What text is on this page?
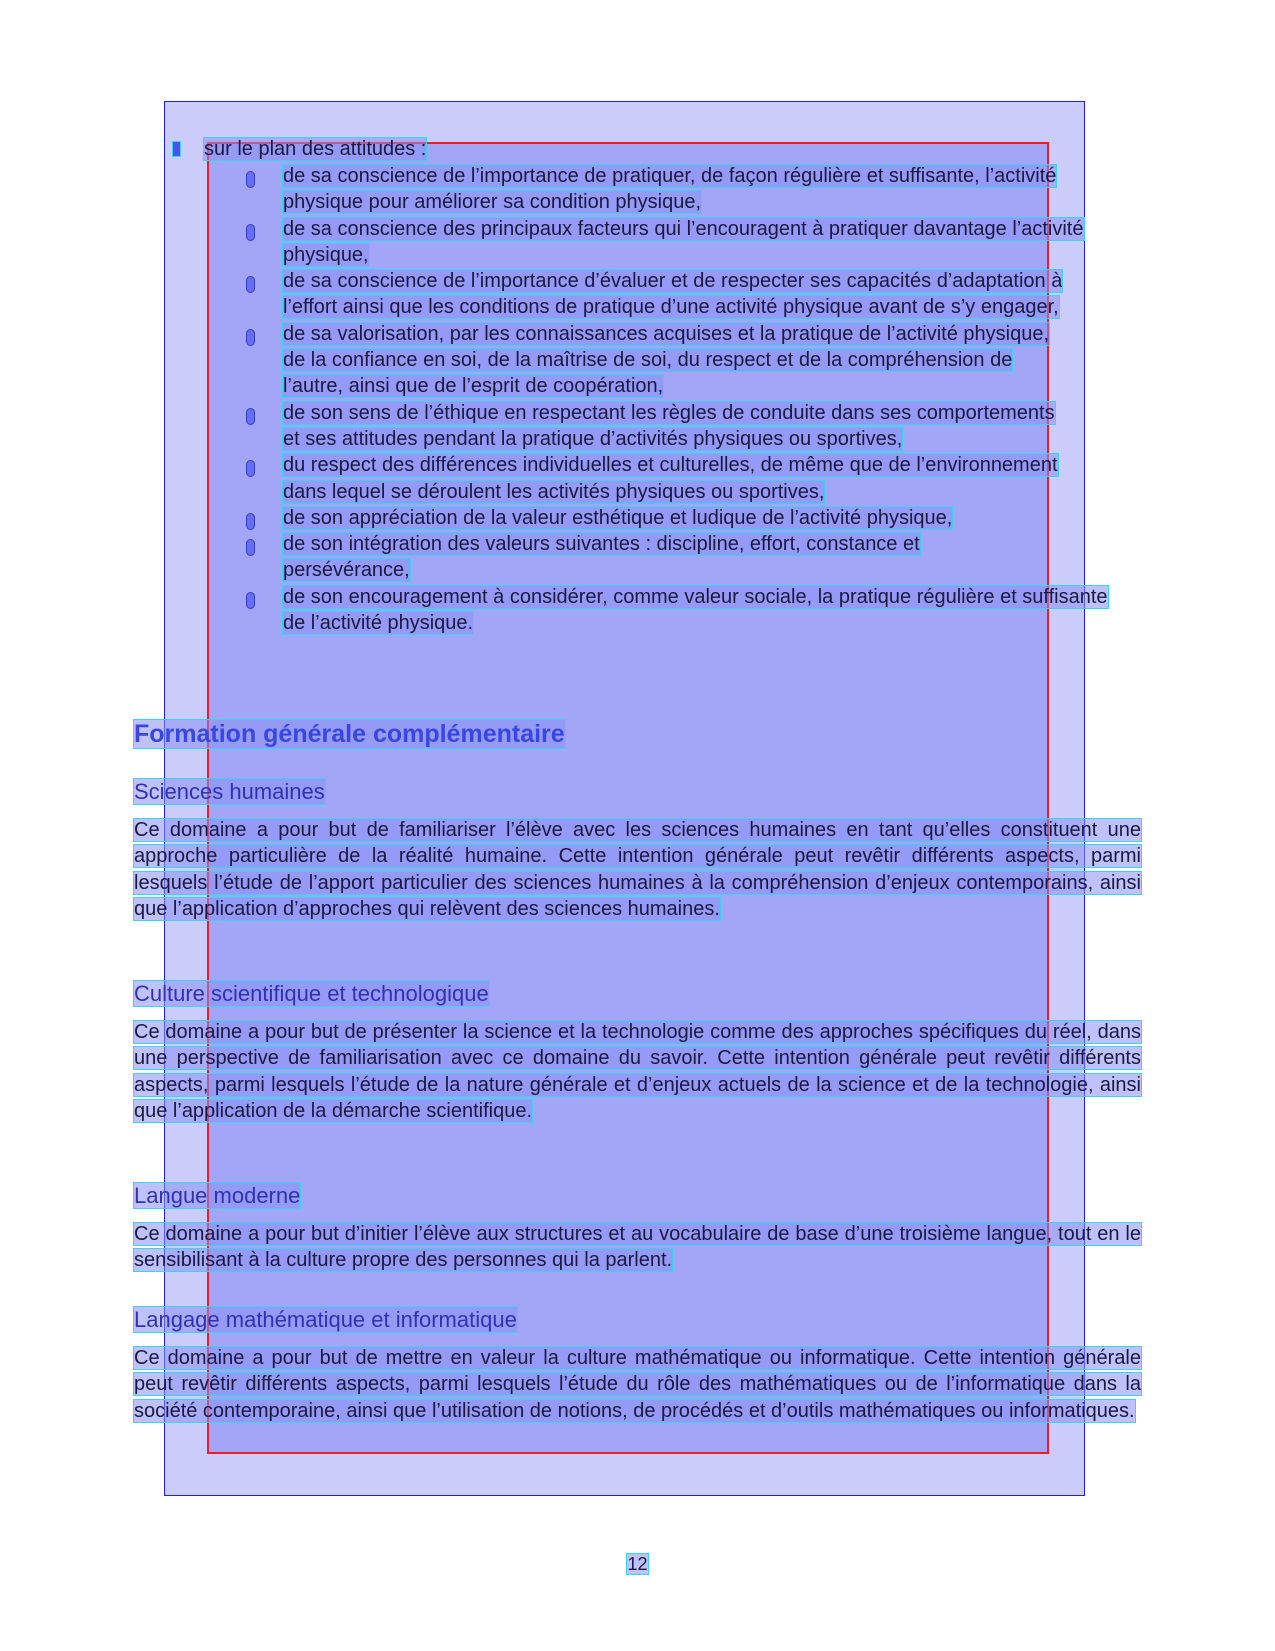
sur le plan des attitudes :
de sa conscience de l’importance de pratiquer, de façon régulière et suffisante, l’activité physique pour améliorer sa condition physique,
de sa conscience des principaux facteurs qui l’encouragent à pratiquer davantage l’activité physique,
de sa conscience de l’importance d’évaluer et de respecter ses capacités d’adaptation à l’effort ainsi que les conditions de pratique d’une activité physique avant de s’y engager,
de sa valorisation, par les connaissances acquises et la pratique de l’activité physique, de la confiance en soi, de la maîtrise de soi, du respect et de la compréhension de l’autre, ainsi que de l’esprit de coopération,
de son sens de l’éthique en respectant les règles de conduite dans ses comportements et ses attitudes pendant la pratique d’activités physiques ou sportives,
du respect des différences individuelles et culturelles, de même que de l’environnement dans lequel se déroulent les activités physiques ou sportives,
de son appréciation de la valeur esthétique et ludique de l’activité physique,
de son intégration des valeurs suivantes : discipline, effort, constance et persévérance,
de son encouragement à considérer, comme valeur sociale, la pratique régulière et suffisante de l’activité physique.
Formation générale complémentaire
Sciences humaines
Ce domaine a pour but de familiariser l’élève avec les sciences humaines en tant qu’elles constituent une approche particulière de la réalité humaine. Cette intention générale peut revêtir différents aspects, parmi lesquels l’étude de l’apport particulier des sciences humaines à la compréhension d’enjeux contemporains, ainsi que l’application d’approches qui relèvent des sciences humaines.
Culture scientifique et technologique
Ce domaine a pour but de présenter la science et la technologie comme des approches spécifiques du réel, dans une perspective de familiarisation avec ce domaine du savoir. Cette intention générale peut revêtir différents aspects, parmi lesquels l’étude de la nature générale et d’enjeux actuels de la science et de la technologie, ainsi que l’application de la démarche scientifique.
Langue moderne
Ce domaine a pour but d’initier l’élève aux structures et au vocabulaire de base d’une troisième langue, tout en le sensibilisant à la culture propre des personnes qui la parlent.
Langage mathématique et informatique
Ce domaine a pour but de mettre en valeur la culture mathématique ou informatique. Cette intention générale peut revêtir différents aspects, parmi lesquels l’étude du rôle des mathématiques ou de l’informatique dans la société contemporaine, ainsi que l’utilisation de notions, de procédés et d’outils mathématiques ou informatiques.
12
